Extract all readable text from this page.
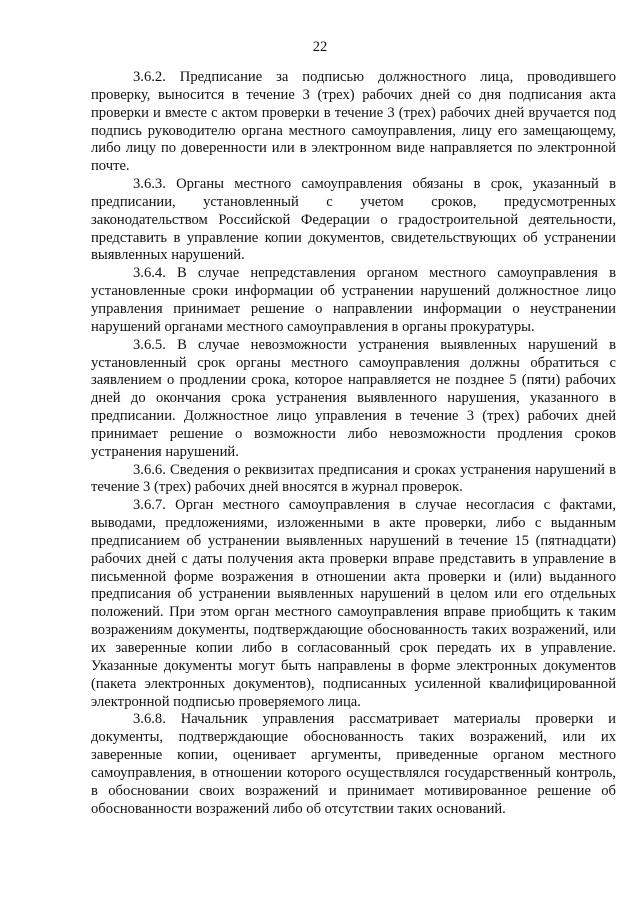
22

3.6.2. Предписание за подписью должностного лица, проводившего проверку, выносится в течение 3 (трех) рабочих дней со дня подписания акта проверки и вместе с актом проверки в течение 3 (трех) рабочих дней вручается под подпись руководителю органа местного самоуправления, лицу его замещающему, либо лицу по доверенности или в электронном виде направляется по электронной почте.

3.6.3. Органы местного самоуправления обязаны в срок, указанный в предписании, установленный с учетом сроков, предусмотренных законодательством Российской Федерации о градостроительной деятельности, представить в управление копии документов, свидетельствующих об устранении выявленных нарушений.

3.6.4. В случае непредставления органом местного самоуправления в установленные сроки информации об устранении нарушений должностное лицо управления принимает решение о направлении информации о неустранении нарушений органами местного самоуправления в органы прокуратуры.

3.6.5. В случае невозможности устранения выявленных нарушений в установленный срок органы местного самоуправления должны обратиться с заявлением о продлении срока, которое направляется не позднее 5 (пяти) рабочих дней до окончания срока устранения выявленного нарушения, указанного в предписании. Должностное лицо управления в течение 3 (трех) рабочих дней принимает решение о возможности либо невозможности продления сроков устранения нарушений.

3.6.6. Сведения о реквизитах предписания и сроках устранения нарушений в течение 3 (трех) рабочих дней вносятся в журнал проверок.

3.6.7. Орган местного самоуправления в случае несогласия с фактами, выводами, предложениями, изложенными в акте проверки, либо с выданным предписанием об устранении выявленных нарушений в течение 15 (пятнадцати) рабочих дней с даты получения акта проверки вправе представить в управление в письменной форме возражения в отношении акта проверки и (или) выданного предписания об устранении выявленных нарушений в целом или его отдельных положений. При этом орган местного самоуправления вправе приобщить к таким возражениям документы, подтверждающие обоснованность таких возражений, или их заверенные копии либо в согласованный срок передать их в управление. Указанные документы могут быть направлены в форме электронных документов (пакета электронных документов), подписанных усиленной квалифицированной электронной подписью проверяемого лица.

3.6.8. Начальник управления рассматривает материалы проверки и документы, подтверждающие обоснованность таких возражений, или их заверенные копии, оценивает аргументы, приведенные органом местного самоуправления, в отношении которого осуществлялся государственный контроль, в обосновании своих возражений и принимает мотивированное решение об обоснованности возражений либо об отсутствии таких оснований.
